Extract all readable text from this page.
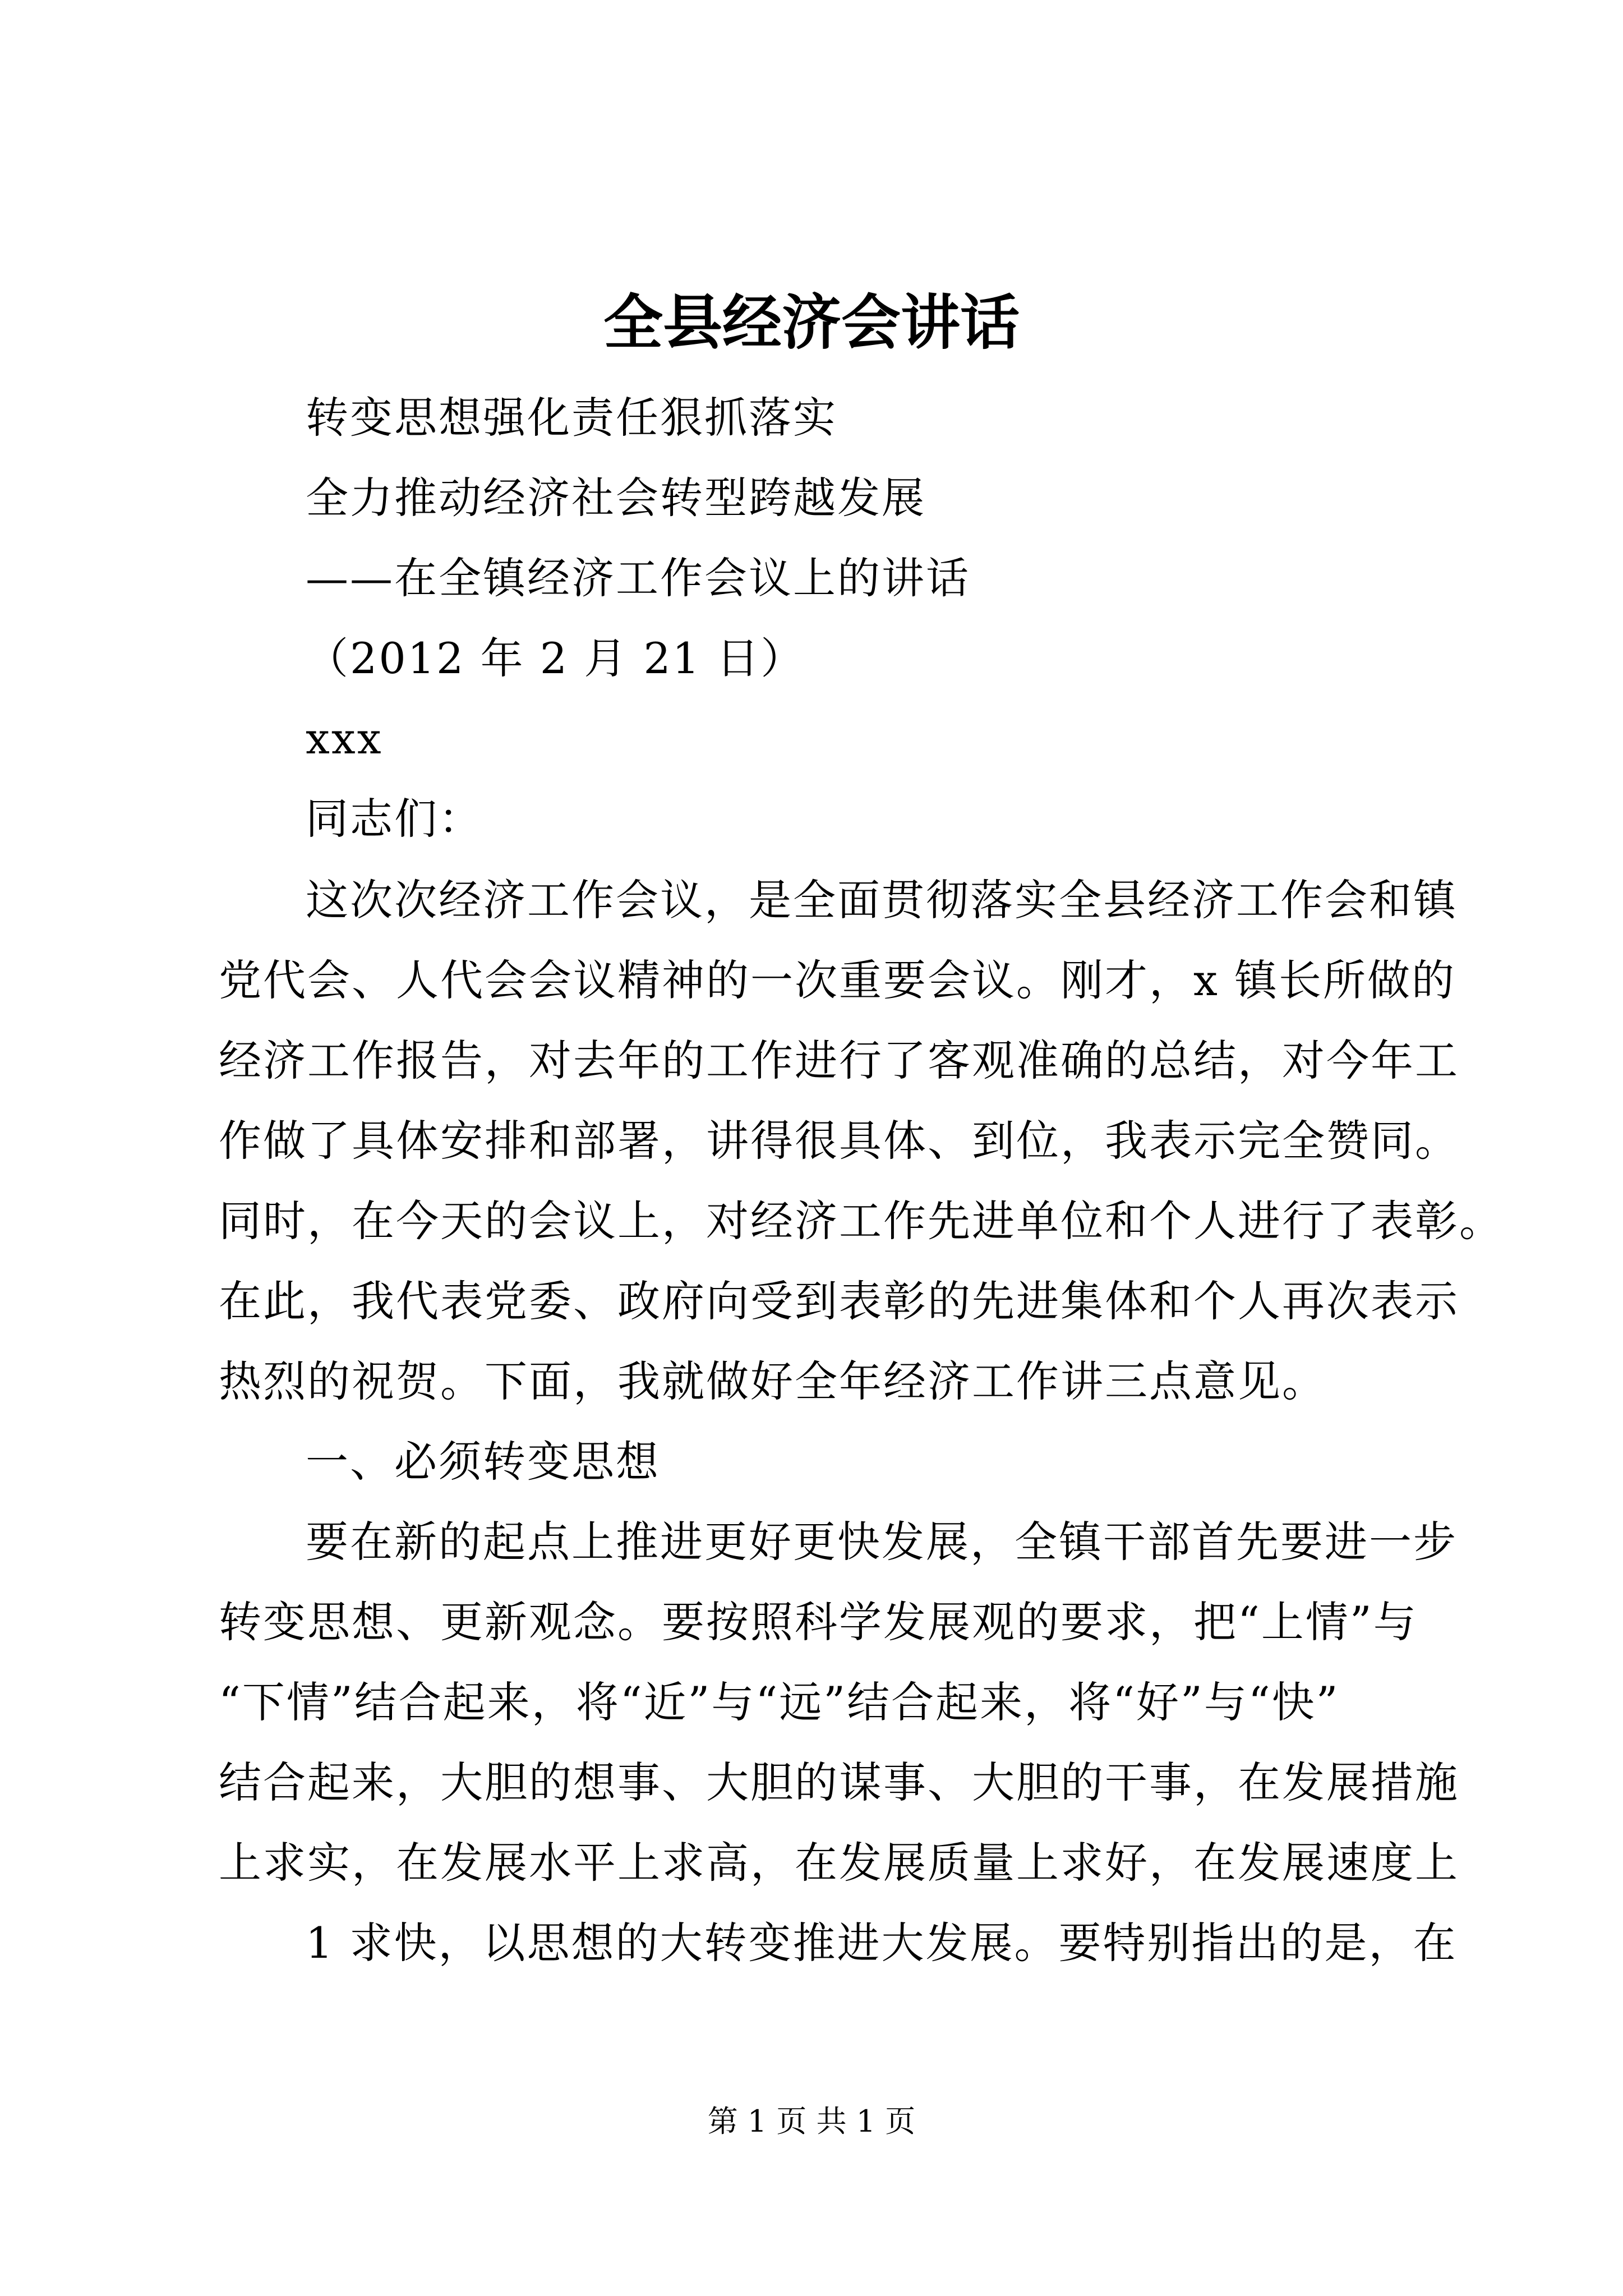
全县经济会讲话
转变思想强化责任狠抓落实
全力推动经济社会转型跨越发展
——在全镇经济工作会议上的讲话
（2012 年 2 月 21 日）
xxx
同志们：
这次次经济工作会议，是全面贯彻落实全县经济工作会和镇
党代会、人代会会议精神的一次重要会议。刚才，x 镇长所做的
经济工作报告，对去年的工作进行了客观准确的总结，对今年工
作做了具体安排和部署，讲得很具体、到位，我表示完全赞同。
同时，在今天的会议上，对经济工作先进单位和个人进行了表彰。
在此，我代表党委、政府向受到表彰的先进集体和个人再次表示
热烈的祝贺。下面，我就做好全年经济工作讲三点意见。
一、必须转变思想
要在新的起点上推进更好更快发展，全镇干部首先要进一步
转变思想、更新观念。要按照科学发展观的要求，把“上情”与
“下情”结合起来，将“近”与“远”结合起来，将“好”与“快”
结合起来，大胆的想事、大胆的谋事、大胆的干事，在发展措施
上求实，在发展水平上求高，在发展质量上求好，在发展速度上
1 求快，以思想的大转变推进大发展。要特别指出的是，在
第 1 页 共 1 页
